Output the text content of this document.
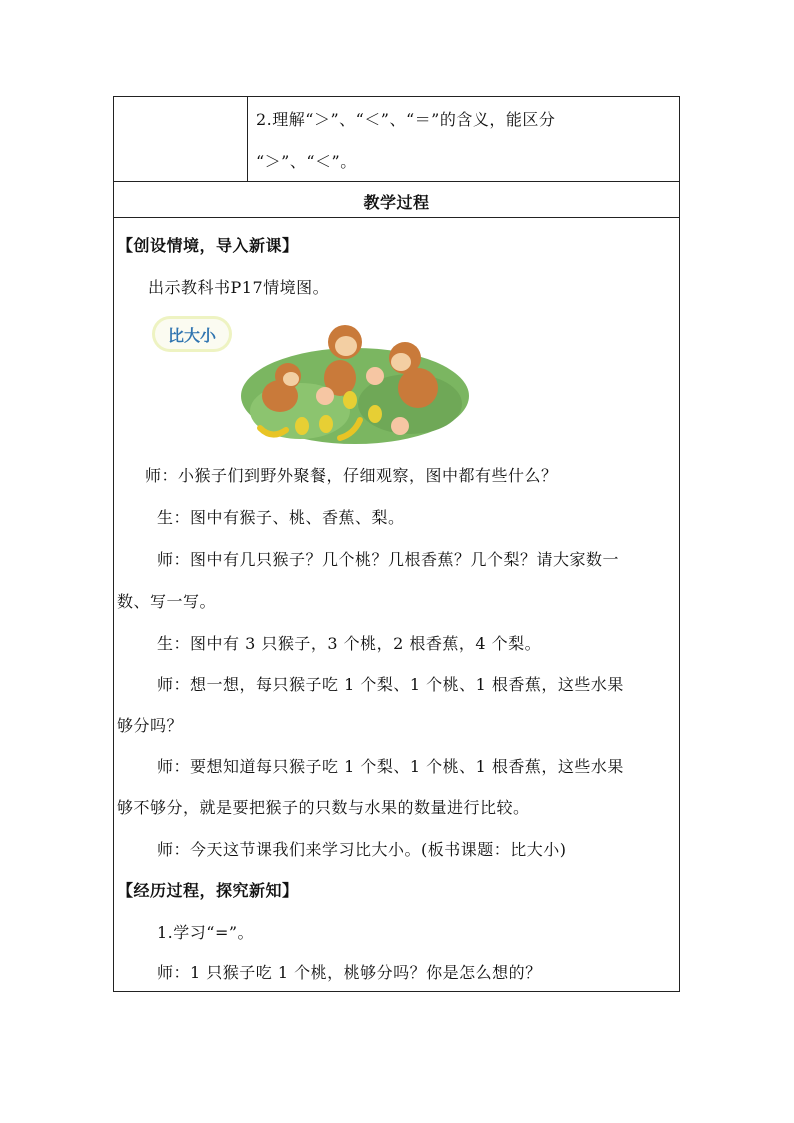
2.理解“＞”、“＜”、“＝”的含义，能区分
“＞”、“＜”。
教学过程
【创设情境，导入新课】
出示教科书P17情境图。
比大小
师：小猴子们到野外聚餐，仔细观察，图中都有些什么？
生：图中有猴子、桃、香蕉、梨。
师：图中有几只猴子？几个桃？几根香蕉？几个梨？请大家数一
数、写一写。
生：图中有 3 只猴子，3 个桃，2 根香蕉，4 个梨。
师：想一想，每只猴子吃 1 个梨、1 个桃、1 根香蕉，这些水果
够分吗？
师：要想知道每只猴子吃 1 个梨、1 个桃、1 根香蕉，这些水果
够不够分，就是要把猴子的只数与水果的数量进行比较。
师：今天这节课我们来学习比大小。(板书课题：比大小)
【经历过程，探究新知】
1.学习“=”。
师：1 只猴子吃 1 个桃，桃够分吗？你是怎么想的？
